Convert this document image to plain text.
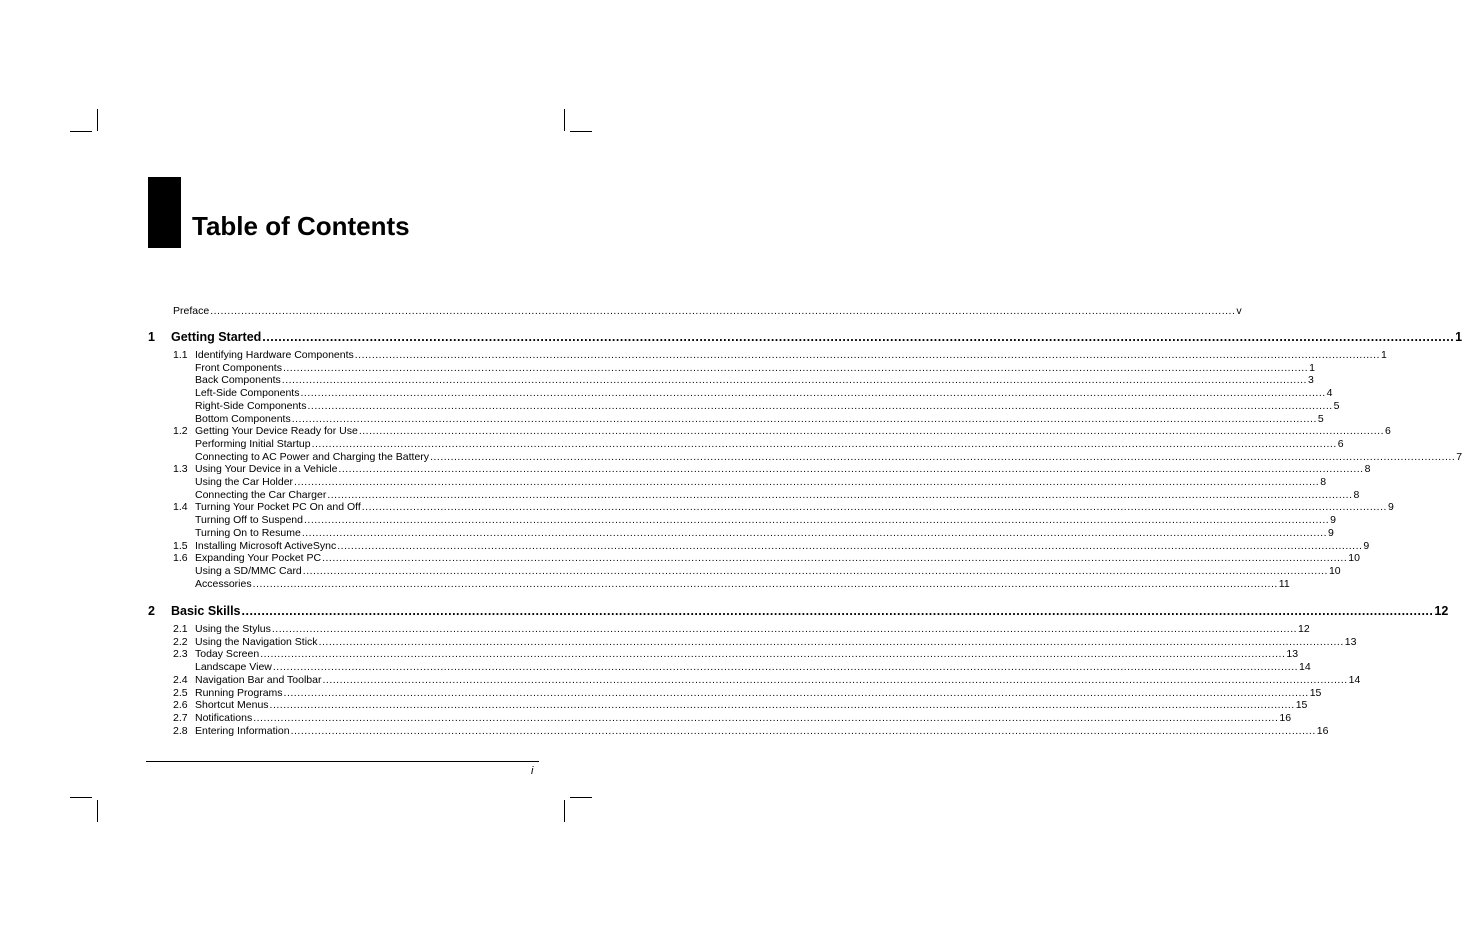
Table of Contents
Preface ............................................................................................................................................................................................................................................................................................................ v
1 Getting Started ............................................................................................................................................................................................................................................................................................................ 1
1.1 Identifying Hardware Components ............................................................................................................................................................................................................................................................................................................ 1
Front Components ............................................................................................................................................................................................................................................................................................................ 1
Back Components ............................................................................................................................................................................................................................................................................................................ 3
Left-Side Components ............................................................................................................................................................................................................................................................................................................ 4
Right-Side Components ............................................................................................................................................................................................................................................................................................................ 5
Bottom Components ............................................................................................................................................................................................................................................................................................................ 5
1.2 Getting Your Device Ready for Use ............................................................................................................................................................................................................................................................................................................ 6
Performing Initial Startup ............................................................................................................................................................................................................................................................................................................ 6
Connecting to AC Power and Charging the Battery ............................................................................................................................................................................................................................................................................................................ 7
1.3 Using Your Device in a Vehicle ............................................................................................................................................................................................................................................................................................................ 8
Using the Car Holder ............................................................................................................................................................................................................................................................................................................ 8
Connecting the Car Charger ............................................................................................................................................................................................................................................................................................................ 8
1.4 Turning Your Pocket PC On and Off ............................................................................................................................................................................................................................................................................................................ 9
Turning Off to Suspend ............................................................................................................................................................................................................................................................................................................ 9
Turning On to Resume ............................................................................................................................................................................................................................................................................................................ 9
1.5 Installing Microsoft ActiveSync ............................................................................................................................................................................................................................................................................................................ 9
1.6 Expanding Your Pocket PC ............................................................................................................................................................................................................................................................................................................ 10
Using a SD/MMC Card ............................................................................................................................................................................................................................................................................................................ 10
Accessories ............................................................................................................................................................................................................................................................................................................ 11
2 Basic Skills ............................................................................................................................................................................................................................................................................................................ 12
2.1 Using the Stylus ............................................................................................................................................................................................................................................................................................................ 12
2.2 Using the Navigation Stick ............................................................................................................................................................................................................................................................................................................ 13
2.3 Today Screen ............................................................................................................................................................................................................................................................................................................ 13
Landscape View ............................................................................................................................................................................................................................................................................................................ 14
2.4 Navigation Bar and Toolbar ............................................................................................................................................................................................................................................................................................................ 14
2.5 Running Programs ............................................................................................................................................................................................................................................................................................................ 15
2.6 Shortcut Menus ............................................................................................................................................................................................................................................................................................................ 15
2.7 Notifications ............................................................................................................................................................................................................................................................................................................ 16
2.8 Entering Information ............................................................................................................................................................................................................................................................................................................ 16
i
